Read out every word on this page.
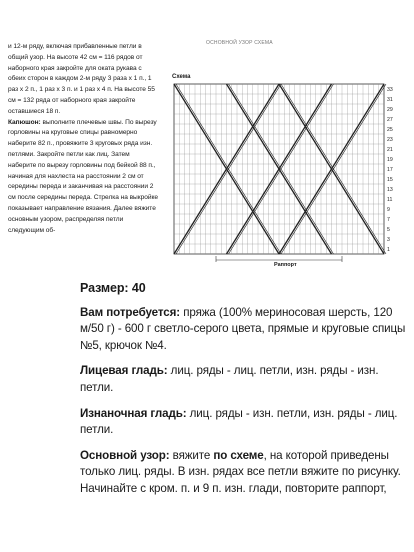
и 12-м ряду, включая прибавленные петли в общий узор. На высоте 42 см = 116 рядов от наборного края закройте для оката рукава с обеих сторон в каждом 2-м ряду 3 раза x 1 п., 1 раз x 2 п., 1 раз x 3 п. и 1 раз x 4 п. На высоте 55 см = 132 ряда от наборного края закройте оставшиеся 18 п.

Капюшон: выполните плечевые швы. По вырезу горловины на круговые спицы равномерно наберите 82 п., провяжите 3 круговых ряда изн. петлями. Закройте петли как лиц. Затем наберите по вырезу горловины под бейкой 88 п., начиная для нахлеста на расстоянии 2 см от середины переда и заканчивая на расстоянии 2 см после середины переда. Стрелка на выкройке показывает направление вязания. Далее вяжите основным узором, распределяя петли следующим об-

ОСНОВНОЙ УЗОР СХЕМА
Схема
33
31
29
27
25
23
21
19
17
15
13
11
9
7
5
3
1
Раппорт

Размер: 40

Вам потребуется: пряжа (100% мериносовая шерсть, 120 м/50 г) - 600 г светло-серого цвета, прямые и круговые спицы №5, крючок №4.

Лицевая гладь: лиц. ряды - лиц. петли, изн. ряды - изн. петли.

Изнаночная гладь: лиц. ряды - изн. петли, изн. ряды - лиц. петли.

Основной узор: вяжите по схеме, на которой приведены только лиц. ряды. В изн. рядах все петли вяжите по рисунку. Начинайте с кром. п. и 9 п. изн. глади, повторите раппорт,
